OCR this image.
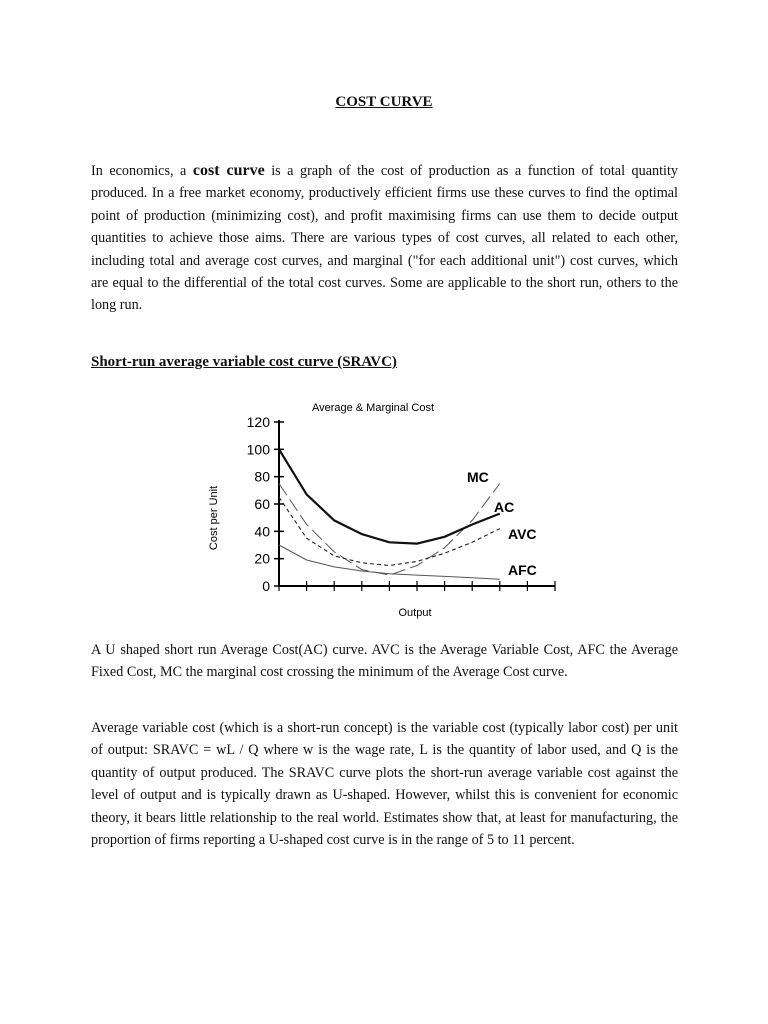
COST CURVE

In economics, a cost curve is a graph of the cost of production as a function of total quantity produced. In a free market economy, productively efficient firms use these curves to find the optimal point of production (minimizing cost), and profit maximising firms can use them to decide output quantities to achieve those aims. There are various types of cost curves, all related to each other, including total and average cost curves, and marginal ("for each additional unit") cost curves, which are equal to the differential of the total cost curves. Some are applicable to the short run, others to the long run.

Short-run average variable cost curve (SRAVC)
Average & Marginal Cost
Output
Cost per Unit
0
20
40
60
80
100
120
MC
AC
AVC
AFC

A U shaped short run Average Cost(AC) curve. AVC is the Average Variable Cost, AFC the Average Fixed Cost, MC the marginal cost crossing the minimum of the Average Cost curve.

Average variable cost (which is a short-run concept) is the variable cost (typically labor cost) per unit of output: SRAVC = wL / Q where w is the wage rate, L is the quantity of labor used, and Q is the quantity of output produced. The SRAVC curve plots the short-run average variable cost against the level of output and is typically drawn as U-shaped. However, whilst this is convenient for economic theory, it bears little relationship to the real world. Estimates show that, at least for manufacturing, the proportion of firms reporting a U-shaped cost curve is in the range of 5 to 11 percent.
